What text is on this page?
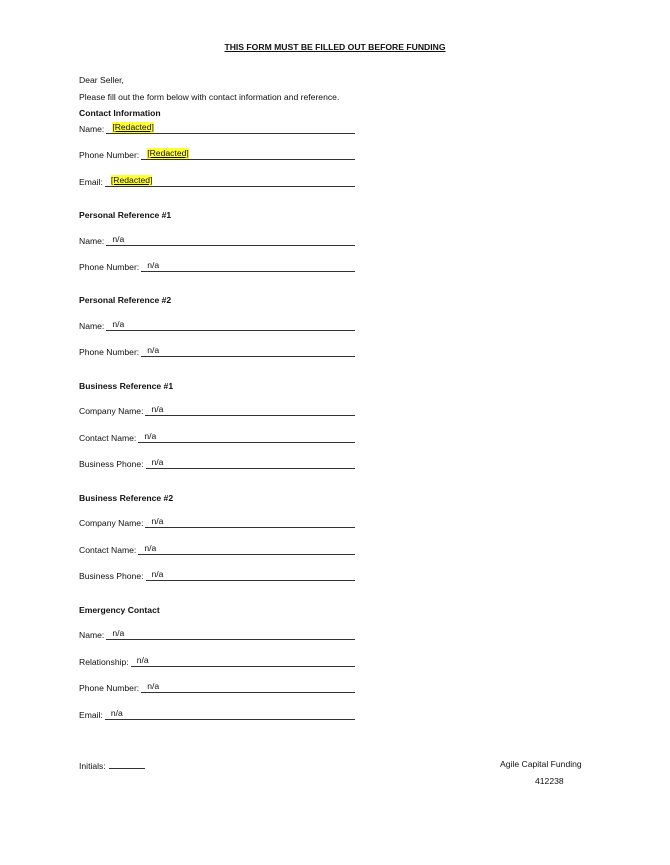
THIS FORM MUST BE FILLED OUT BEFORE FUNDING
Dear Seller,
Please fill out the form below with contact information and reference.
Contact Information
Name: [Redacted]
Phone Number: [Redacted]
Email: [Redacted]
Personal Reference #1
Name: n/a
Phone Number: n/a
Personal Reference #2
Name: n/a
Phone Number: n/a
Business Reference #1
Company Name: n/a
Contact Name: n/a
Business Phone: n/a
Business Reference #2
Company Name: n/a
Contact Name: n/a
Business Phone: n/a
Emergency Contact
Name: n/a
Relationship: n/a
Phone Number: n/a
Email: n/a
Initials:	Agile Capital Funding
412238
